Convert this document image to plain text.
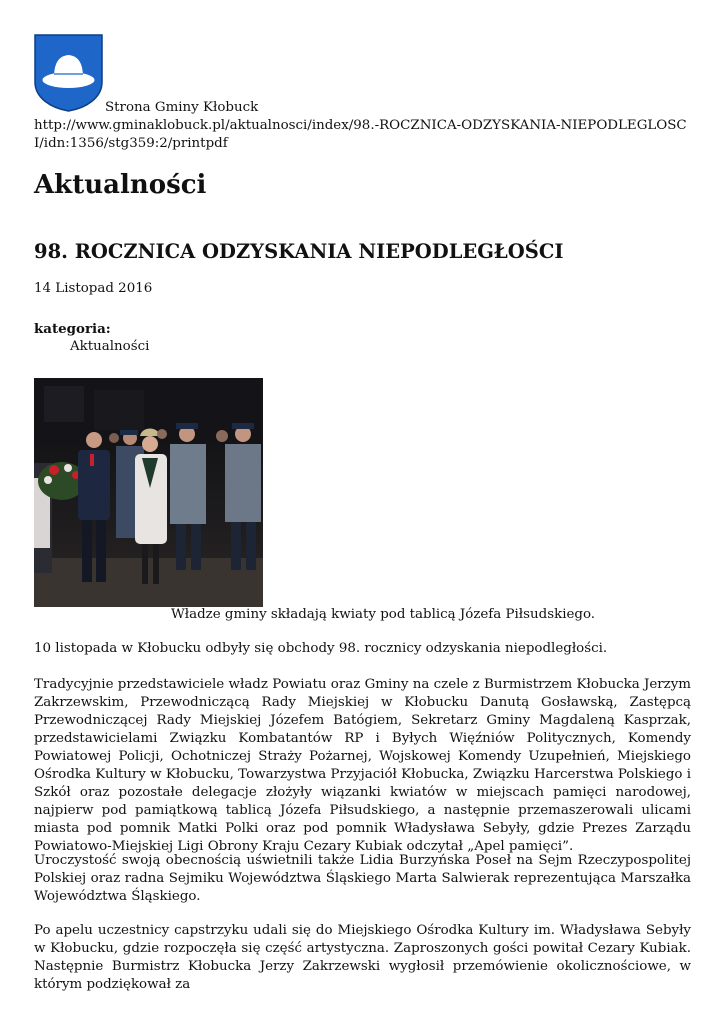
Strona Gminy Kłobuck
http://www.gminaklobuck.pl/aktualnosci/index/98.-ROCZNICA-ODZYSKANIA-NIEPODLEGLOSCI/idn:1356/stg359:2/printpdf
Aktualności
98. ROCZNICA ODZYSKANIA NIEPODLEGŁOŚCI
14 Listopad 2016
kategoria:
Aktualności
Władze gminy składają kwiaty pod tablicą Józefa Piłsudskiego.
10 listopada w Kłobucku odbyły się obchody 98. rocznicy odzyskania niepodległości.
Tradycyjnie przedstawiciele władz Powiatu oraz Gminy na czele z Burmistrzem Kłobucka Jerzym Zakrzewskim, Przewodniczącą Rady Miejskiej w Kłobucku Danutą Gosławską, Zastępcą Przewodniczącej Rady Miejskiej Józefem Batógiem, Sekretarz Gminy Magdaleną Kasprzak, przedstawicielami Związku Kombatantów RP i Byłych Więźniów Politycznych, Komendy Powiatowej Policji, Ochotniczej Straży Pożarnej, Wojskowej Komendy Uzupełnień, Miejskiego Ośrodka Kultury w Kłobucku, Towarzystwa Przyjaciół Kłobucka, Związku Harcerstwa Polskiego i Szkół oraz pozostałe delegacje złożyły wiązanki kwiatów w miejscach pamięci narodowej, najpierw pod pamiątkową tablicą Józefa Piłsudskiego, a następnie przemaszerowali ulicami miasta pod pomnik Matki Polki oraz pod pomnik Władysława Sebyły, gdzie Prezes Zarządu Powiatowo-Miejskiej Ligi Obrony Kraju Cezary Kubiak odczytał „Apel pamięci”.
Uroczystość swoją obecnością uświetnili także Lidia Burzyńska Poseł na Sejm Rzeczypospolitej Polskiej oraz radna Sejmiku Województwa Śląskiego Marta Salwierak reprezentująca Marszałka Województwa Śląskiego.
Po apelu uczestnicy capstrzyku udali się do Miejskiego Ośrodka Kultury im. Władysława Sebyły w Kłobucku, gdzie rozpoczęła się część artystyczna. Zaproszonych gości powitał Cezary Kubiak. Następnie Burmistrz Kłobucka Jerzy Zakrzewski wygłosił przemówienie okolicznościowe, w którym podziękował za
